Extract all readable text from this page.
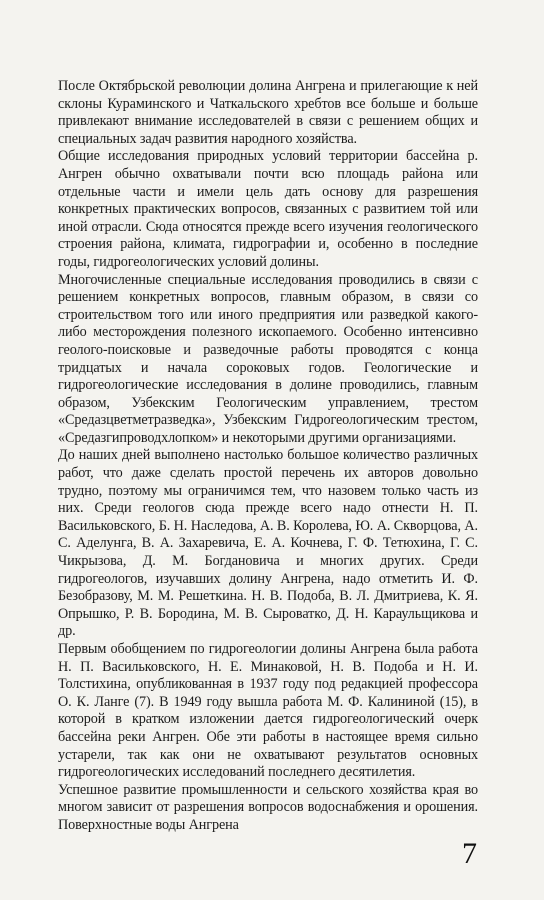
После Октябрьской революции долина Ангрена и прилегающие к ней склоны Кураминского и Чаткальского хребтов все больше и больше привлекают внимание исследователей в связи с решением общих и специальных задач развития народного хозяйства.

Общие исследования природных условий территории бассейна р. Ангрен обычно охватывали почти всю площадь района или отдельные части и имели цель дать основу для разрешения конкретных практических вопросов, связанных с развитием той или иной отрасли. Сюда относятся прежде всего изучения геологического строения района, климата, гидрографии и, особенно в последние годы, гидрогеологических условий долины.

Многочисленные специальные исследования проводились в связи с решением конкретных вопросов, главным образом, в связи со строительством того или иного предприятия или разведкой какого-либо месторождения полезного ископаемого. Особенно интенсивно геолого-поисковые и разведочные работы проводятся с конца тридцатых и начала сороковых годов. Геологические и гидрогеологические исследования в долине проводились, главным образом, Узбекским Геологическим управлением, трестом «Средазцветметразведка», Узбекским Гидрогеологическим трестом, «Средазгипроводхлопком» и некоторыми другими организациями.

До наших дней выполнено настолько большое количество различных работ, что даже сделать простой перечень их авторов довольно трудно, поэтому мы ограничимся тем, что назовем только часть из них. Среди геологов сюда прежде всего надо отнести Н. П. Васильковского, Б. Н. Наследова, А. В. Королева, Ю. А. Скворцова, А. С. Аделунга, В. А. Захаревича, Е. А. Кочнева, Г. Ф. Тетюхина, Г. С. Чикрызова, Д. М. Богдановича и многих других. Среди гидрогеологов, изучавших долину Ангрена, надо отметить И. Ф. Безобразову, М. М. Решеткина. Н. В. Подоба, В. Л. Дмитриева, К. Я. Опрышко, Р. В. Бородина, М. В. Сыроватко, Д. Н. Караульщикова и др.

Первым обобщением по гидрогеологии долины Ангрена была работа Н. П. Васильковского, Н. Е. Минаковой, Н. В. Подоба и Н. И. Толстихина, опубликованная в 1937 году под редакцией профессора О. К. Ланге (7). В 1949 году вышла работа М. Ф. Калининой (15), в которой в кратком изложении дается гидрогеологический очерк бассейна реки Ангрен. Обе эти работы в настоящее время сильно устарели, так как они не охватывают результатов основных гидрогеологических исследований последнего десятилетия.

Успешное развитие промышленности и сельского хозяйства края во многом зависит от разрешения вопросов водоснабжения и орошения. Поверхностные воды Ангрена

7
